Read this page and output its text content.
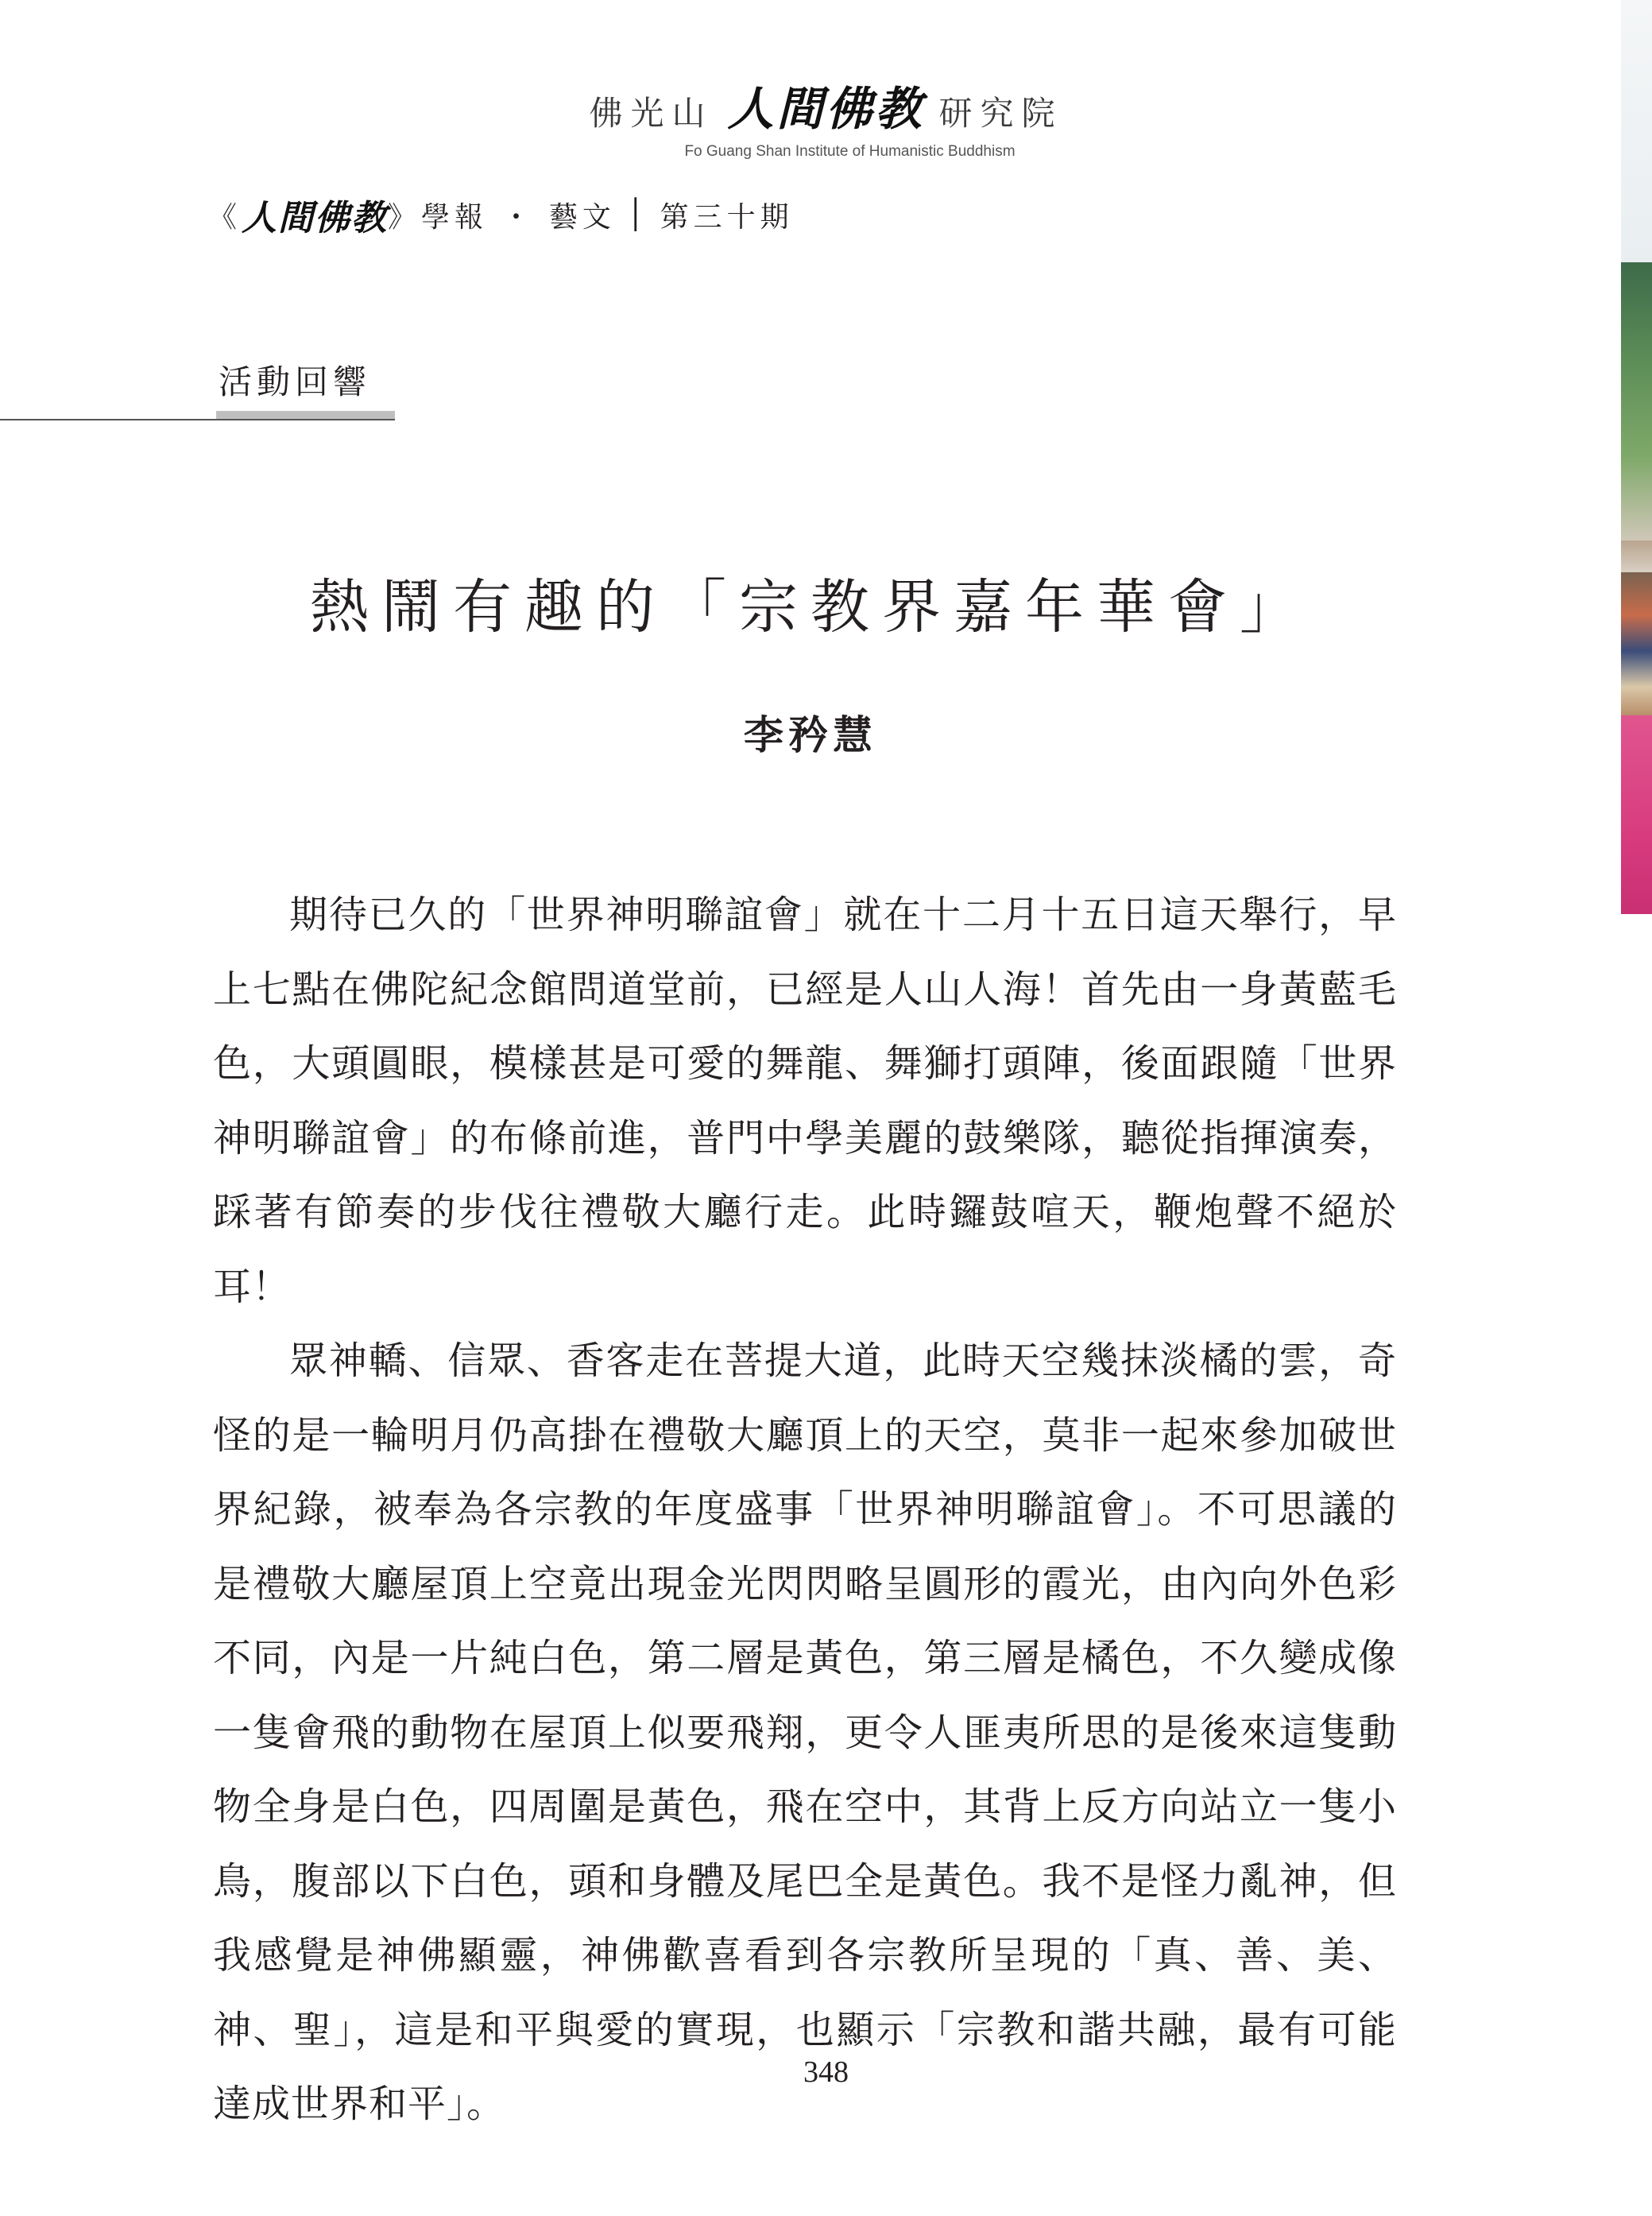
佛光山 人間佛教 研究院
Fo Guang Shan Institute of Humanistic Buddhism
《 人間佛教 》 學報 ・ 藝文 │ 第三十期
活動回響
熱鬧有趣的「宗教界嘉年華會」
李矜慧

期待已久的「世界神明聯誼會」就在十二月十五日這天舉行，早上七點在佛陀紀念館問道堂前，已經是人山人海！首先由一身黃藍毛色，大頭圓眼，模樣甚是可愛的舞龍、舞獅打頭陣，後面跟隨「世界神明聯誼會」的布條前進，普門中學美麗的鼓樂隊，聽從指揮演奏，踩著有節奏的步伐往禮敬大廳行走。此時鑼鼓喧天，鞭炮聲不絕於耳！

眾神轎、信眾、香客走在菩提大道，此時天空幾抹淡橘的雲，奇怪的是一輪明月仍高掛在禮敬大廳頂上的天空，莫非一起來參加破世界紀錄，被奉為各宗教的年度盛事「世界神明聯誼會」。不可思議的是禮敬大廳屋頂上空竟出現金光閃閃略呈圓形的霞光，由內向外色彩不同，內是一片純白色，第二層是黃色，第三層是橘色，不久變成像一隻會飛的動物在屋頂上似要飛翔，更令人匪夷所思的是後來這隻動物全身是白色，四周圍是黃色，飛在空中，其背上反方向站立一隻小鳥，腹部以下白色，頭和身體及尾巴全是黃色。我不是怪力亂神，但我感覺是神佛顯靈，神佛歡喜看到各宗教所呈現的「真、善、美、神、聖」，這是和平與愛的實現，也顯示「宗教和諧共融，最有可能達成世界和平」。

348
